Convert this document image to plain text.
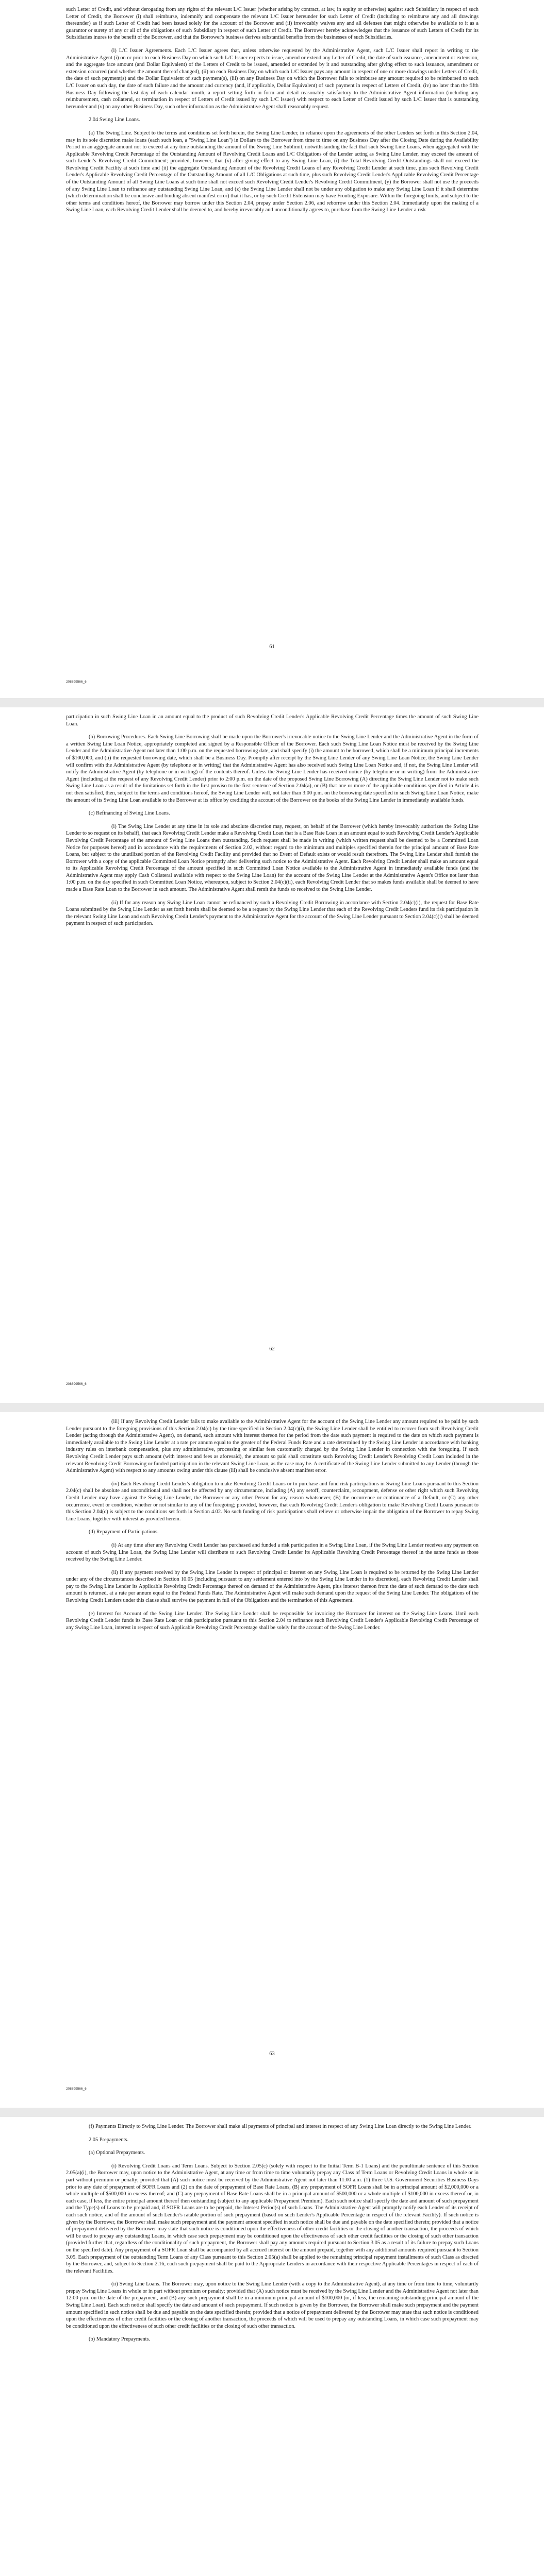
such Letter of Credit, and without derogating from any rights of the relevant L/C Issuer (whether arising by contract, at law, in equity or otherwise) against such Subsidiary in respect of such Letter of Credit, the Borrower (i) shall reimburse, indemnify and compensate the relevant L/C Issuer hereunder for such Letter of Credit (including to reimburse any and all drawings thereunder) as if such Letter of Credit had been issued solely for the account of the Borrower and (ii) irrevocably waives any and all defenses that might otherwise be available to it as a guarantor or surety of any or all of the obligations of such Subsidiary in respect of such Letter of Credit. The Borrower hereby acknowledges that the issuance of such Letters of Credit for its Subsidiaries inures to the benefit of the Borrower, and that the Borrower's business derives substantial benefits from the businesses of such Subsidiaries.

(l) L/C Issuer Agreements. Each L/C Issuer agrees that, unless otherwise requested by the Administrative Agent, such L/C Issuer shall report in writing to the Administrative Agent (i) on or prior to each Business Day on which such L/C Issuer expects to issue, amend or extend any Letter of Credit, the date of such issuance, amendment or extension, and the aggregate face amount (and Dollar Equivalent) of the Letters of Credit to be issued, amended or extended by it and outstanding after giving effect to such issuance, amendment or extension occurred (and whether the amount thereof changed), (ii) on each Business Day on which such L/C Issuer pays any amount in respect of one or more drawings under Letters of Credit, the date of such payment(s) and the Dollar Equivalent of such payment(s), (iii) on any Business Day on which the Borrower fails to reimburse any amount required to be reimbursed to such L/C Issuer on such day, the date of such failure and the amount and currency (and, if applicable, Dollar Equivalent) of such payment in respect of Letters of Credit, (iv) no later than the fifth Business Day following the last day of each calendar month, a report setting forth in form and detail reasonably satisfactory to the Administrative Agent information (including any reimbursement, cash collateral, or termination in respect of Letters of Credit issued by such L/C Issuer) with respect to each Letter of Credit issued by such L/C Issuer that is outstanding hereunder and (v) on any other Business Day, such other information as the Administrative Agent shall reasonably request.

2.04 Swing Line Loans.

(a) The Swing Line. Subject to the terms and conditions set forth herein, the Swing Line Lender, in reliance upon the agreements of the other Lenders set forth in this Section 2.04, may in its sole discretion make loans (each such loan, a "Swing Line Loan") in Dollars to the Borrower from time to time on any Business Day after the Closing Date during the Availability Period in an aggregate amount not to exceed at any time outstanding the amount of the Swing Line Sublimit, notwithstanding the fact that such Swing Line Loans, when aggregated with the Applicable Revolving Credit Percentage of the Outstanding Amount of Revolving Credit Loans and L/C Obligations of the Lender acting as Swing Line Lender, may exceed the amount of such Lender's Revolving Credit Commitment; provided, however, that (x) after giving effect to any Swing Line Loan, (i) the Total Revolving Credit Outstandings shall not exceed the Revolving Credit Facility at such time and (ii) the aggregate Outstanding Amount of the Revolving Credit Loans of any Revolving Credit Lender at such time, plus such Revolving Credit Lender's Applicable Revolving Credit Percentage of the Outstanding Amount of all L/C Obligations at such time, plus such Revolving Credit Lender's Applicable Revolving Credit Percentage of the Outstanding Amount of all Swing Line Loans at such time shall not exceed such Revolving Credit Lender's Revolving Credit Commitment, (y) the Borrower shall not use the proceeds of any Swing Line Loan to refinance any outstanding Swing Line Loan, and (z) the Swing Line Lender shall not be under any obligation to make any Swing Line Loan if it shall determine (which determination shall be conclusive and binding absent manifest error) that it has, or by such Credit Extension may have Fronting Exposure. Within the foregoing limits, and subject to the other terms and conditions hereof, the Borrower may borrow under this Section 2.04, prepay under Section 2.06, and reborrow under this Section 2.04. Immediately upon the making of a Swing Line Loan, each Revolving Credit Lender shall be deemed to, and hereby irrevocably and unconditionally agrees to, purchase from the Swing Line Lender a risk

61
208899566_6

participation in such Swing Line Loan in an amount equal to the product of such Revolving Credit Lender's Applicable Revolving Credit Percentage times the amount of such Swing Line Loan.

(b) Borrowing Procedures. Each Swing Line Borrowing shall be made upon the Borrower's irrevocable notice to the Swing Line Lender and the Administrative Agent in the form of a written Swing Line Loan Notice, appropriately completed and signed by a Responsible Officer of the Borrower. Each such Swing Line Loan Notice must be received by the Swing Line Lender and the Administrative Agent not later than 1:00 p.m. on the requested borrowing date, and shall specify (i) the amount to be borrowed, which shall be a minimum principal increments of $100,000, and (ii) the requested borrowing date, which shall be a Business Day. Promptly after receipt by the Swing Line Lender of any Swing Line Loan Notice, the Swing Line Lender will confirm with the Administrative Agent (by telephone or in writing) that the Administrative Agent has also received such Swing Line Loan Notice and, if not, the Swing Line Lender will notify the Administrative Agent (by telephone or in writing) of the contents thereof. Unless the Swing Line Lender has received notice (by telephone or in writing) from the Administrative Agent (including at the request of any Revolving Credit Lender) prior to 2:00 p.m. on the date of the proposed Swing Line Borrowing (A) directing the Swing Line Lender not to make such Swing Line Loan as a result of the limitations set forth in the first proviso to the first sentence of Section 2.04(a), or (B) that one or more of the applicable conditions specified in Article 4 is not then satisfied, then, subject to the terms and conditions hereof, the Swing Line Lender will, not later than 3:00 p.m. on the borrowing date specified in such Swing Line Loan Notice, make the amount of its Swing Line Loan available to the Borrower at its office by crediting the account of the Borrower on the books of the Swing Line Lender in immediately available funds.

(c) Refinancing of Swing Line Loans.

(i) The Swing Line Lender at any time in its sole and absolute discretion may, request, on behalf of the Borrower (which hereby irrevocably authorizes the Swing Line Lender to so request on its behalf), that each Revolving Credit Lender make a Revolving Credit Loan that is a Base Rate Loan in an amount equal to such Revolving Credit Lender's Applicable Revolving Credit Percentage of the amount of Swing Line Loans then outstanding. Such request shall be made in writing (which written request shall be deemed to be a Committed Loan Notice for purposes hereof) and in accordance with the requirements of Section 2.02, without regard to the minimum and multiples specified therein for the principal amount of Base Rate Loans, but subject to the unutilized portion of the Revolving Credit Facility and provided that no Event of Default exists or would result therefrom. The Swing Line Lender shall furnish the Borrower with a copy of the applicable Committed Loan Notice promptly after delivering such notice to the Administrative Agent. Each Revolving Credit Lender shall make an amount equal to its Applicable Revolving Credit Percentage of the amount specified in such Committed Loan Notice available to the Administrative Agent in immediately available funds (and the Administrative Agent may apply Cash Collateral available with respect to the Swing Line Loan) for the account of the Swing Line Lender at the Administrative Agent's Office not later than 1:00 p.m. on the day specified in such Committed Loan Notice, whereupon, subject to Section 2.04(c)(ii), each Revolving Credit Lender that so makes funds available shall be deemed to have made a Base Rate Loan to the Borrower in such amount. The Administrative Agent shall remit the funds so received to the Swing Line Lender.

(ii) If for any reason any Swing Line Loan cannot be refinanced by such a Revolving Credit Borrowing in accordance with Section 2.04(c)(i), the request for Base Rate Loans submitted by the Swing Line Lender as set forth herein shall be deemed to be a request by the Swing Line Lender that each of the Revolving Credit Lenders fund its risk participation in the relevant Swing Line Loan and each Revolving Credit Lender's payment to the Administrative Agent for the account of the Swing Line Lender pursuant to Section 2.04(c)(i) shall be deemed payment in respect of such participation.

62
208899566_6

(iii) If any Revolving Credit Lender fails to make available to the Administrative Agent for the account of the Swing Line Lender any amount required to be paid by such Lender pursuant to the foregoing provisions of this Section 2.04(c) by the time specified in Section 2.04(c)(i), the Swing Line Lender shall be entitled to recover from such Revolving Credit Lender (acting through the Administrative Agent), on demand, such amount with interest thereon for the period from the date such payment is required to the date on which such payment is immediately available to the Swing Line Lender at a rate per annum equal to the greater of the Federal Funds Rate and a rate determined by the Swing Line Lender in accordance with banking industry rules on interbank compensation, plus any administrative, processing or similar fees customarily charged by the Swing Line Lender in connection with the foregoing. If such Revolving Credit Lender pays such amount (with interest and fees as aforesaid), the amount so paid shall constitute such Revolving Credit Lender's Revolving Credit Loan included in the relevant Revolving Credit Borrowing or funded participation in the relevant Swing Line Loan, as the case may be. A certificate of the Swing Line Lender submitted to any Lender (through the Administrative Agent) with respect to any amounts owing under this clause (iii) shall be conclusive absent manifest error.

(iv) Each Revolving Credit Lender's obligation to make Revolving Credit Loans or to purchase and fund risk participations in Swing Line Loans pursuant to this Section 2.04(c) shall be absolute and unconditional and shall not be affected by any circumstance, including (A) any setoff, counterclaim, recoupment, defense or other right which such Revolving Credit Lender may have against the Swing Line Lender, the Borrower or any other Person for any reason whatsoever, (B) the occurrence or continuance of a Default, or (C) any other occurrence, event or condition, whether or not similar to any of the foregoing; provided, however, that each Revolving Credit Lender's obligation to make Revolving Credit Loans pursuant to this Section 2.04(c) is subject to the conditions set forth in Section 4.02. No such funding of risk participations shall relieve or otherwise impair the obligation of the Borrower to repay Swing Line Loans, together with interest as provided herein.

(d) Repayment of Participations.

(i) At any time after any Revolving Credit Lender has purchased and funded a risk participation in a Swing Line Loan, if the Swing Line Lender receives any payment on account of such Swing Line Loan, the Swing Line Lender will distribute to such Revolving Credit Lender its Applicable Revolving Credit Percentage thereof in the same funds as those received by the Swing Line Lender.

(ii) If any payment received by the Swing Line Lender in respect of principal or interest on any Swing Line Loan is required to be returned by the Swing Line Lender under any of the circumstances described in Section 10.05 (including pursuant to any settlement entered into by the Swing Line Lender in its discretion), each Revolving Credit Lender shall pay to the Swing Line Lender its Applicable Revolving Credit Percentage thereof on demand of the Administrative Agent, plus interest thereon from the date of such demand to the date such amount is returned, at a rate per annum equal to the Federal Funds Rate. The Administrative Agent will make such demand upon the request of the Swing Line Lender. The obligations of the Revolving Credit Lenders under this clause shall survive the payment in full of the Obligations and the termination of this Agreement.

(e) Interest for Account of the Swing Line Lender. The Swing Line Lender shall be responsible for invoicing the Borrower for interest on the Swing Line Loans. Until each Revolving Credit Lender funds its Base Rate Loan or risk participation pursuant to this Section 2.04 to refinance such Revolving Credit Lender's Applicable Revolving Credit Percentage of any Swing Line Loan, interest in respect of such Applicable Revolving Credit Percentage shall be solely for the account of the Swing Line Lender.

63
208899566_6

(f) Payments Directly to Swing Line Lender. The Borrower shall make all payments of principal and interest in respect of any Swing Line Loan directly to the Swing Line Lender.

2.05 Prepayments.

(a) Optional Prepayments.

(i) Revolving Credit Loans and Term Loans. Subject to Section 2.05(c) (solely with respect to the Initial Term B-1 Loans) and the penultimate sentence of this Section 2.05(a)(i), the Borrower may, upon notice to the Administrative Agent, at any time or from time to time voluntarily prepay any Class of Term Loans or Revolving Credit Loans in whole or in part without premium or penalty; provided that (A) such notice must be received by the Administrative Agent not later than 11:00 a.m. (1) three U.S. Government Securities Business Days prior to any date of prepayment of SOFR Loans and (2) on the date of prepayment of Base Rate Loans, (B) any prepayment of SOFR Loans shall be in a principal amount of $2,000,000 or a whole multiple of $500,000 in excess thereof; and (C) any prepayment of Base Rate Loans shall be in a principal amount of $500,000 or a whole multiple of $100,000 in excess thereof or, in each case, if less, the entire principal amount thereof then outstanding (subject to any applicable Prepayment Premium). Each such notice shall specify the date and amount of such prepayment and the Type(s) of Loans to be prepaid and, if SOFR Loans are to be prepaid, the Interest Period(s) of such Loans. The Administrative Agent will promptly notify each Lender of its receipt of each such notice, and of the amount of such Lender's ratable portion of such prepayment (based on such Lender's Applicable Percentage in respect of the relevant Facility). If such notice is given by the Borrower, the Borrower shall make such prepayment and the payment amount specified in such notice shall be due and payable on the date specified therein; provided that a notice of prepayment delivered by the Borrower may state that such notice is conditioned upon the effectiveness of other credit facilities or the closing of another transaction, the proceeds of which will be used to prepay any outstanding Loans, in which case such prepayment may be conditioned upon the effectiveness of such other credit facilities or the closing of such other transaction (provided further that, regardless of the conditionality of such prepayment, the Borrower shall pay any amounts required pursuant to Section 3.05 as a result of its failure to prepay such Loans on the specified date). Any prepayment of a SOFR Loan shall be accompanied by all accrued interest on the amount prepaid, together with any additional amounts required pursuant to Section 3.05. Each prepayment of the outstanding Term Loans of any Class pursuant to this Section 2.05(a) shall be applied to the remaining principal repayment installments of such Class as directed by the Borrower, and, subject to Section 2.16, each such prepayment shall be paid to the Appropriate Lenders in accordance with their respective Applicable Percentages in respect of each of the relevant Facilities.

(ii) Swing Line Loans. The Borrower may, upon notice to the Swing Line Lender (with a copy to the Administrative Agent), at any time or from time to time, voluntarily prepay Swing Line Loans in whole or in part without premium or penalty; provided that (A) such notice must be received by the Swing Line Lender and the Administrative Agent not later than 12:00 p.m. on the date of the prepayment, and (B) any such prepayment shall be in a minimum principal amount of $100,000 (or, if less, the remaining outstanding principal amount of the Swing Line Loan). Each such notice shall specify the date and amount of such prepayment. If such notice is given by the Borrower, the Borrower shall make such prepayment and the payment amount specified in such notice shall be due and payable on the date specified therein; provided that a notice of prepayment delivered by the Borrower may state that such notice is conditioned upon the effectiveness of other credit facilities or the closing of another transaction, the proceeds of which will be used to prepay any outstanding Loans, in which case such prepayment may be conditioned upon the effectiveness of such other credit facilities or the closing of such other transaction.

(b) Mandatory Prepayments.
